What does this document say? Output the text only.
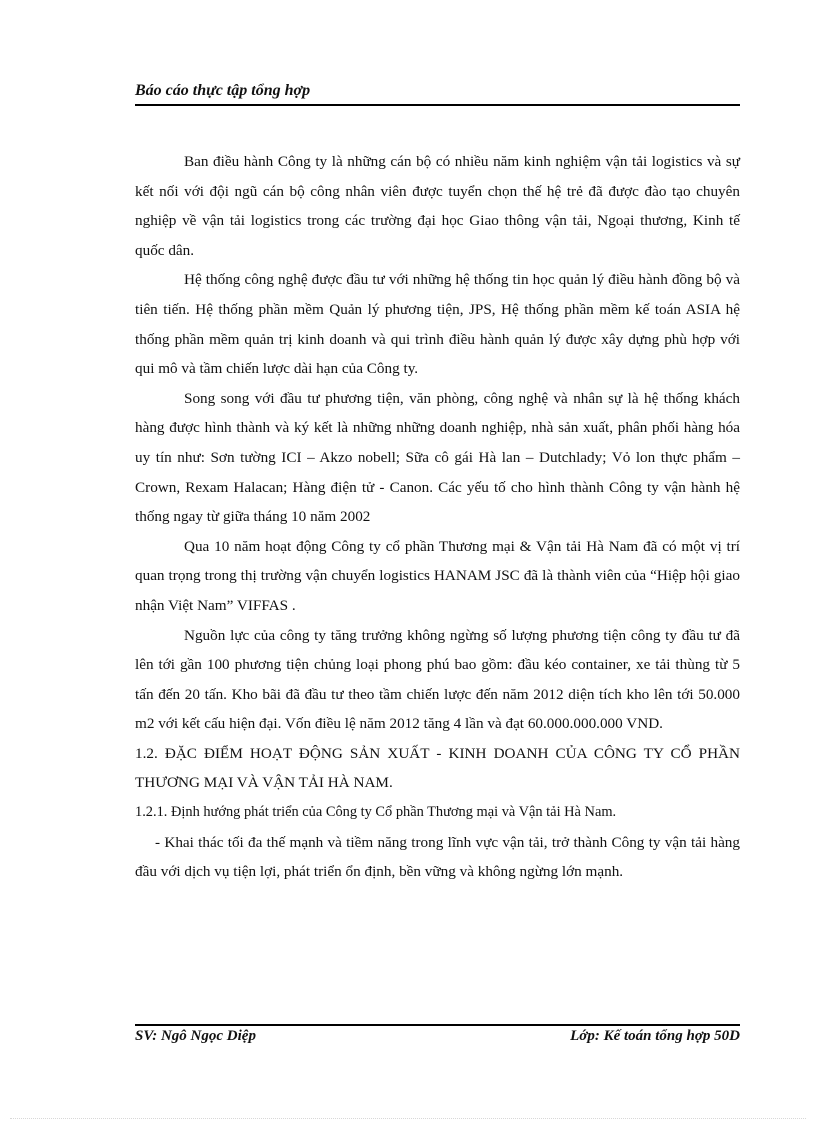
Báo cáo thực tập tổng hợp

Ban điều hành Công ty là những cán bộ có nhiều năm kinh nghiệm vận tải logistics và sự kết nối với đội ngũ cán bộ công nhân viên được tuyển chọn thế hệ trẻ đã được đào tạo chuyên nghiệp về vận tải logistics trong các trường đại học Giao thông vận tải, Ngoại thương, Kinh tế quốc dân.

Hệ thống công nghệ được đầu tư với những hệ thống tin học quản lý điều hành đồng bộ và tiên tiến. Hệ thống phần mềm Quản lý phương tiện, JPS, Hệ thống phần mềm kế toán ASIA hệ thống phần mềm quản trị kinh doanh và qui trình điều hành quản lý được xây dựng phù hợp với qui mô và tầm chiến lược dài hạn của Công ty.

Song song với đầu tư phương tiện, văn phòng, công nghệ và nhân sự là hệ thống khách hàng được hình thành và ký kết là những những doanh nghiệp, nhà sản xuất, phân phối hàng hóa uy tín như: Sơn tường ICI – Akzo nobell; Sữa cô gái Hà lan – Dutchlady; Vỏ lon thực phẩm – Crown, Rexam Halacan; Hàng điện tử - Canon. Các yếu tố cho hình thành Công ty vận hành hệ thống ngay từ giữa tháng 10 năm 2002

Qua 10 năm hoạt động Công ty cổ phần Thương mại & Vận tải Hà Nam đã có một vị trí quan trọng trong thị trường vận chuyển logistics HANAM JSC đã là thành viên của “Hiệp hội giao nhận Việt Nam” VIFFAS .

Nguồn lực của công ty tăng trưởng không ngừng số lượng phương tiện công ty đầu tư đã lên tới gần 100 phương tiện chủng loại phong phú bao gồm: đầu kéo container, xe tải thùng từ 5 tấn đến 20 tấn. Kho bãi đã đầu tư theo tầm chiến lược đến năm 2012 diện tích kho lên tới 50.000 m2 với kết cấu hiện đại. Vốn điều lệ năm 2012 tăng 4 lần và đạt 60.000.000.000 VND.

1.2. ĐẶC ĐIỂM HOẠT ĐỘNG SẢN XUẤT - KINH DOANH CỦA CÔNG TY CỔ PHẦN THƯƠNG MẠI VÀ VẬN TẢI HÀ NAM.

1.2.1. Định hướng phát triển của Công ty Cổ phần Thương mại và Vận tải Hà Nam.

- Khai thác tối đa thế mạnh và tiềm năng trong lĩnh vực vận tải, trở thành Công ty vận tải hàng đầu với dịch vụ tiện lợi, phát triển ổn định, bền vững và không ngừng lớn mạnh.

SV: Ngô Ngọc Diệp	Lớp: Kế toán tổng hợp 50D
